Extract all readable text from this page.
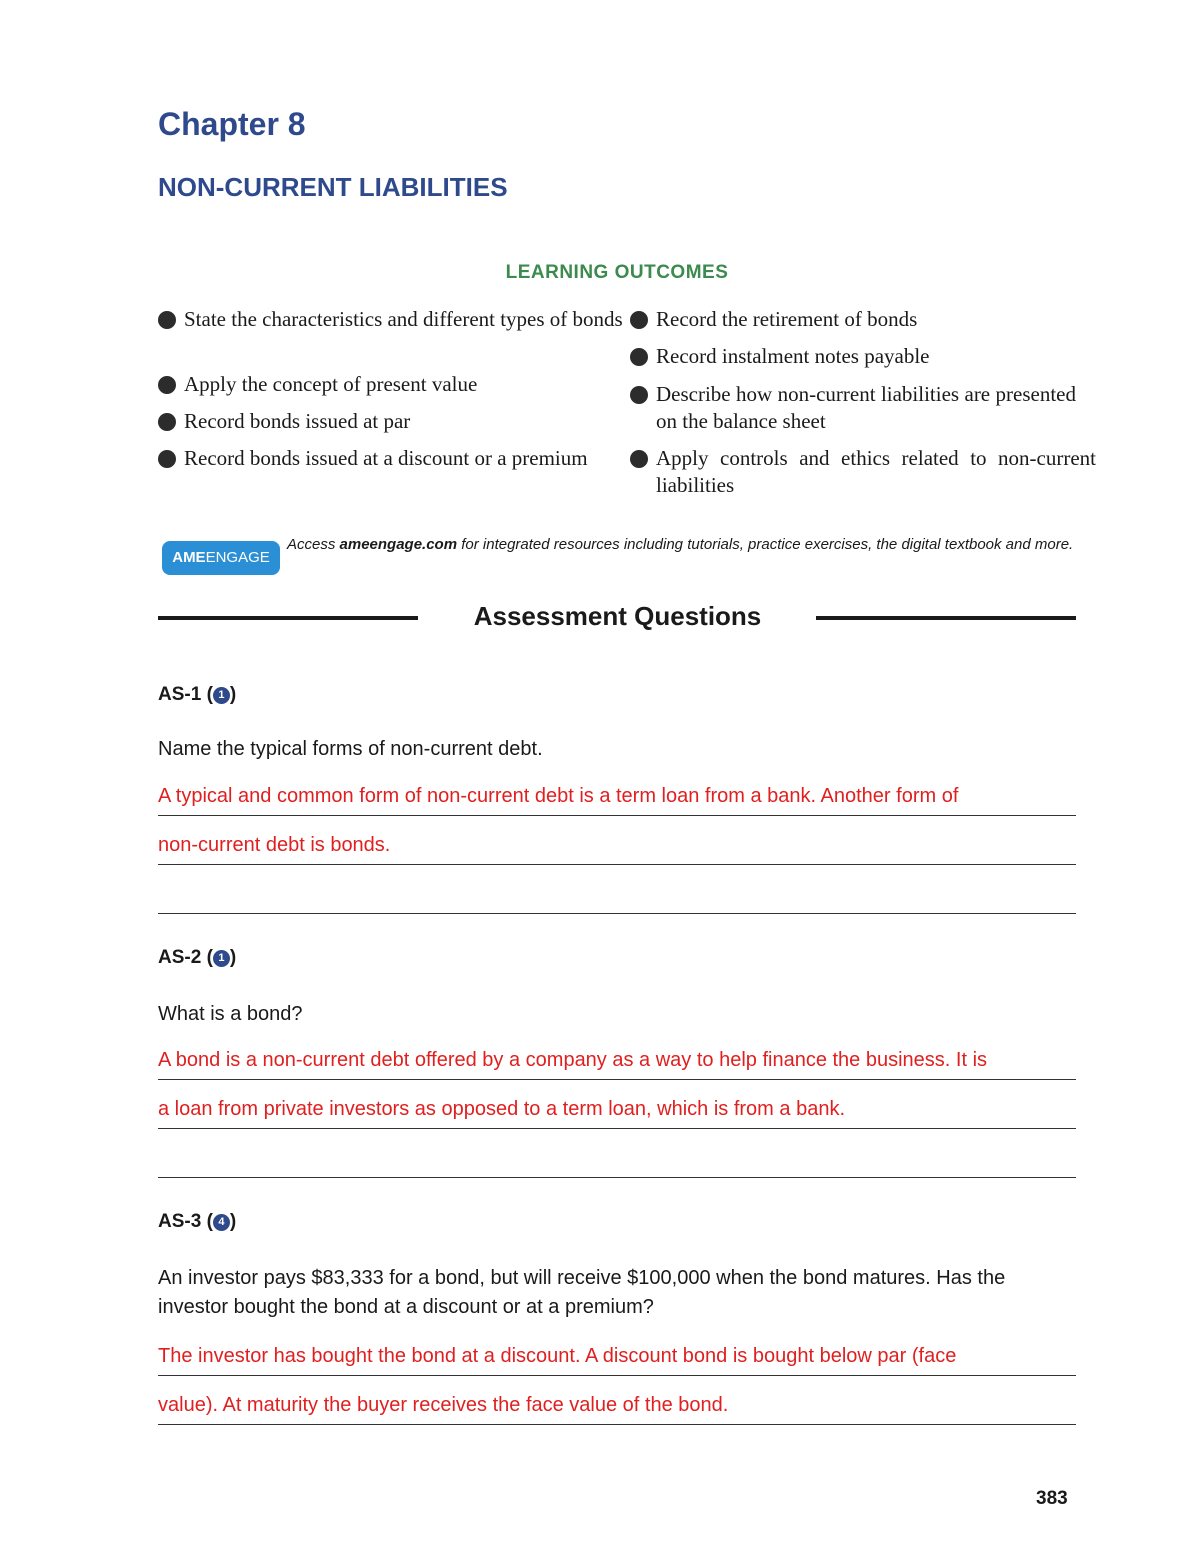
Chapter 8
NON-CURRENT LIABILITIES
LEARNING OUTCOMES
1 State the characteristics and different types of bonds
2 Apply the concept of present value
3 Record bonds issued at par
4 Record bonds issued at a discount or a premium
5 Record the retirement of bonds
6 Record instalment notes payable
7 Describe how non-current liabilities are presented on the balance sheet
8 Apply controls and ethics related to non-current liabilities
AMEENGAGE
Access ameengage.com for integrated resources including tutorials, practice exercises, the digital textbook and more.
Assessment Questions
AS-1 ( 1 )
Name the typical forms of non-current debt.
A typical and common form of non-current debt is a term loan from a bank. Another form of
non-current debt is bonds.
AS-2 ( 1 )
What is a bond?
A bond is a non-current debt offered by a company as a way to help finance the business. It is
a loan from private investors as opposed to a term loan, which is from a bank.
AS-3 ( 4 )
An investor pays $83,333 for a bond, but will receive $100,000 when the bond matures. Has the investor bought the bond at a discount or at a premium?
The investor has bought the bond at a discount. A discount bond is bought below par (face
value). At maturity the buyer receives the face value of the bond.
383
